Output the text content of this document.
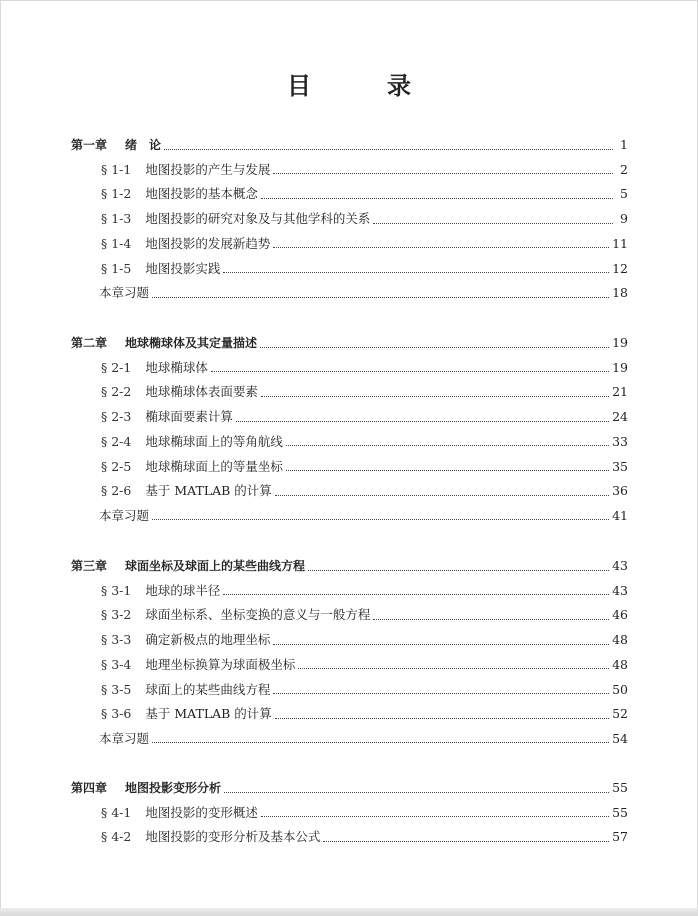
目　录
第一章 绪　论	1
§ 1-1 地图投影的产生与发展	2
§ 1-2 地图投影的基本概念	5
§ 1-3 地图投影的研究对象及与其他学科的关系	9
§ 1-4 地图投影的发展新趋势	11
§ 1-5 地图投影实践	12
本章习题	18
第二章 地球椭球体及其定量描述	19
§ 2-1 地球椭球体	19
§ 2-2 地球椭球体表面要素	21
§ 2-3 椭球面要素计算	24
§ 2-4 地球椭球面上的等角航线	33
§ 2-5 地球椭球面上的等量坐标	35
§ 2-6 基于 MATLAB 的计算	36
本章习题	41
第三章 球面坐标及球面上的某些曲线方程	43
§ 3-1 地球的球半径	43
§ 3-2 球面坐标系、坐标变换的意义与一般方程	46
§ 3-3 确定新极点的地理坐标	48
§ 3-4 地理坐标换算为球面极坐标	48
§ 3-5 球面上的某些曲线方程	50
§ 3-6 基于 MATLAB 的计算	52
本章习题	54
第四章 地图投影变形分析	55
§ 4-1 地图投影的变形概述	55
§ 4-2 地图投影的变形分析及基本公式	57
